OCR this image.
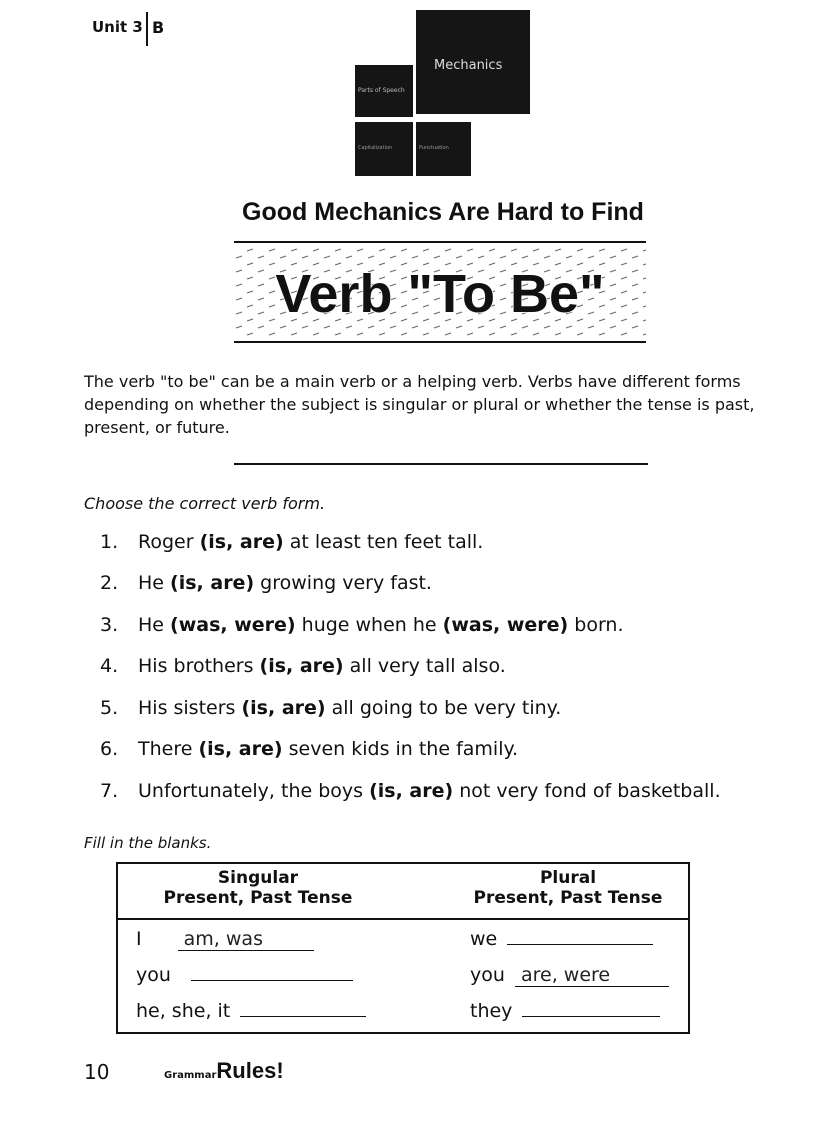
Unit 3 B
Mechanics
Parts of Speech
Capitalization	Punctuation
Good Mechanics Are Hard to Find
Verb "To Be"
The verb "to be" can be a main verb or a helping verb. Verbs have different forms depending on whether the subject is singular or plural or whether the tense is past, present, or future.
Choose the correct verb form.
1. Roger (is, are) at least ten feet tall.
2. He (is, are) growing very fast.
3. He (was, were) huge when he (was, were) born.
4. His brothers (is, are) all very tall also.
5. His sisters (is, are) all going to be very tiny.
6. There (is, are) seven kids in the family.
7. Unfortunately, the boys (is, are) not very fond of basketball.
Fill in the blanks.
Singular
Present, Past Tense
Plural
Present, Past Tense
I am, was	we
you	you are, were
he, she, it	they
10	GrammarRules!
